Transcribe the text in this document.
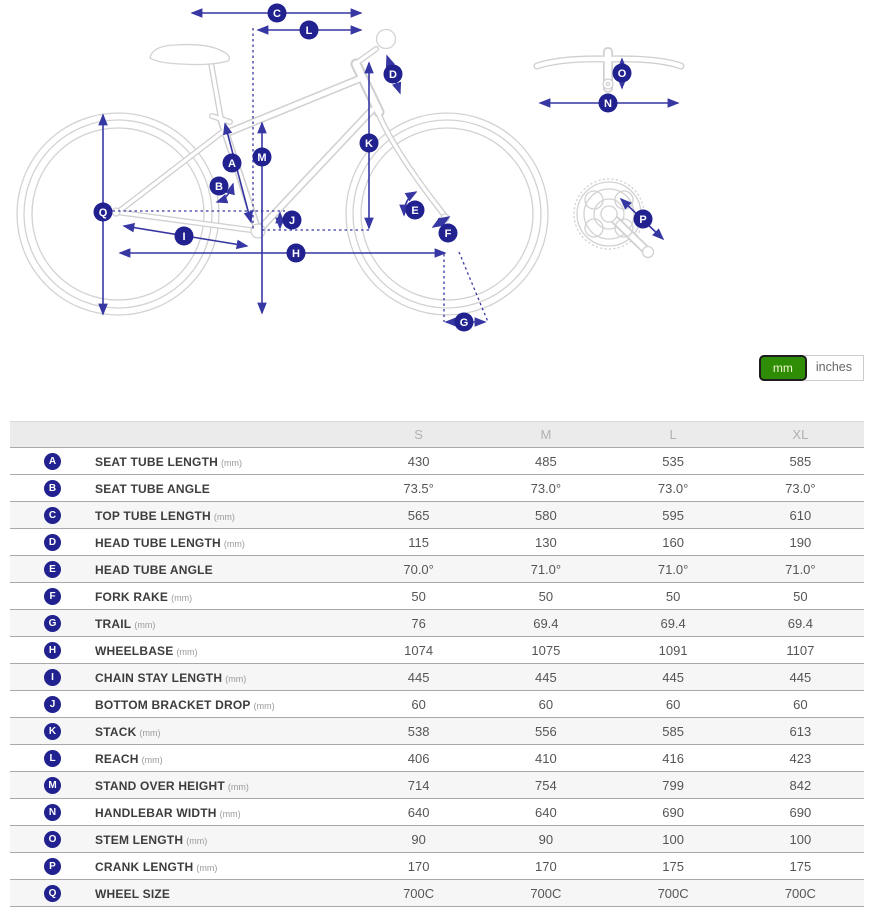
A
B
C
D
E
F
G
H
I
J
K
L
M
N
O
P
Q
mm	inches
S	M	L	XL
A	SEAT TUBE LENGTH (mm)	430	485	535	585
B	SEAT TUBE ANGLE	73.5°	73.0°	73.0°	73.0°
C	TOP TUBE LENGTH (mm)	565	580	595	610
D	HEAD TUBE LENGTH (mm)	115	130	160	190
E	HEAD TUBE ANGLE	70.0°	71.0°	71.0°	71.0°
F	FORK RAKE (mm)	50	50	50	50
G	TRAIL (mm)	76	69.4	69.4	69.4
H	WHEELBASE (mm)	1074	1075	1091	1107
I	CHAIN STAY LENGTH (mm)	445	445	445	445
J	BOTTOM BRACKET DROP (mm)	60	60	60	60
K	STACK (mm)	538	556	585	613
L	REACH (mm)	406	410	416	423
M	STAND OVER HEIGHT (mm)	714	754	799	842
N	HANDLEBAR WIDTH (mm)	640	640	690	690
O	STEM LENGTH (mm)	90	90	100	100
P	CRANK LENGTH (mm)	170	170	175	175
Q	WHEEL SIZE	700C	700C	700C	700C
